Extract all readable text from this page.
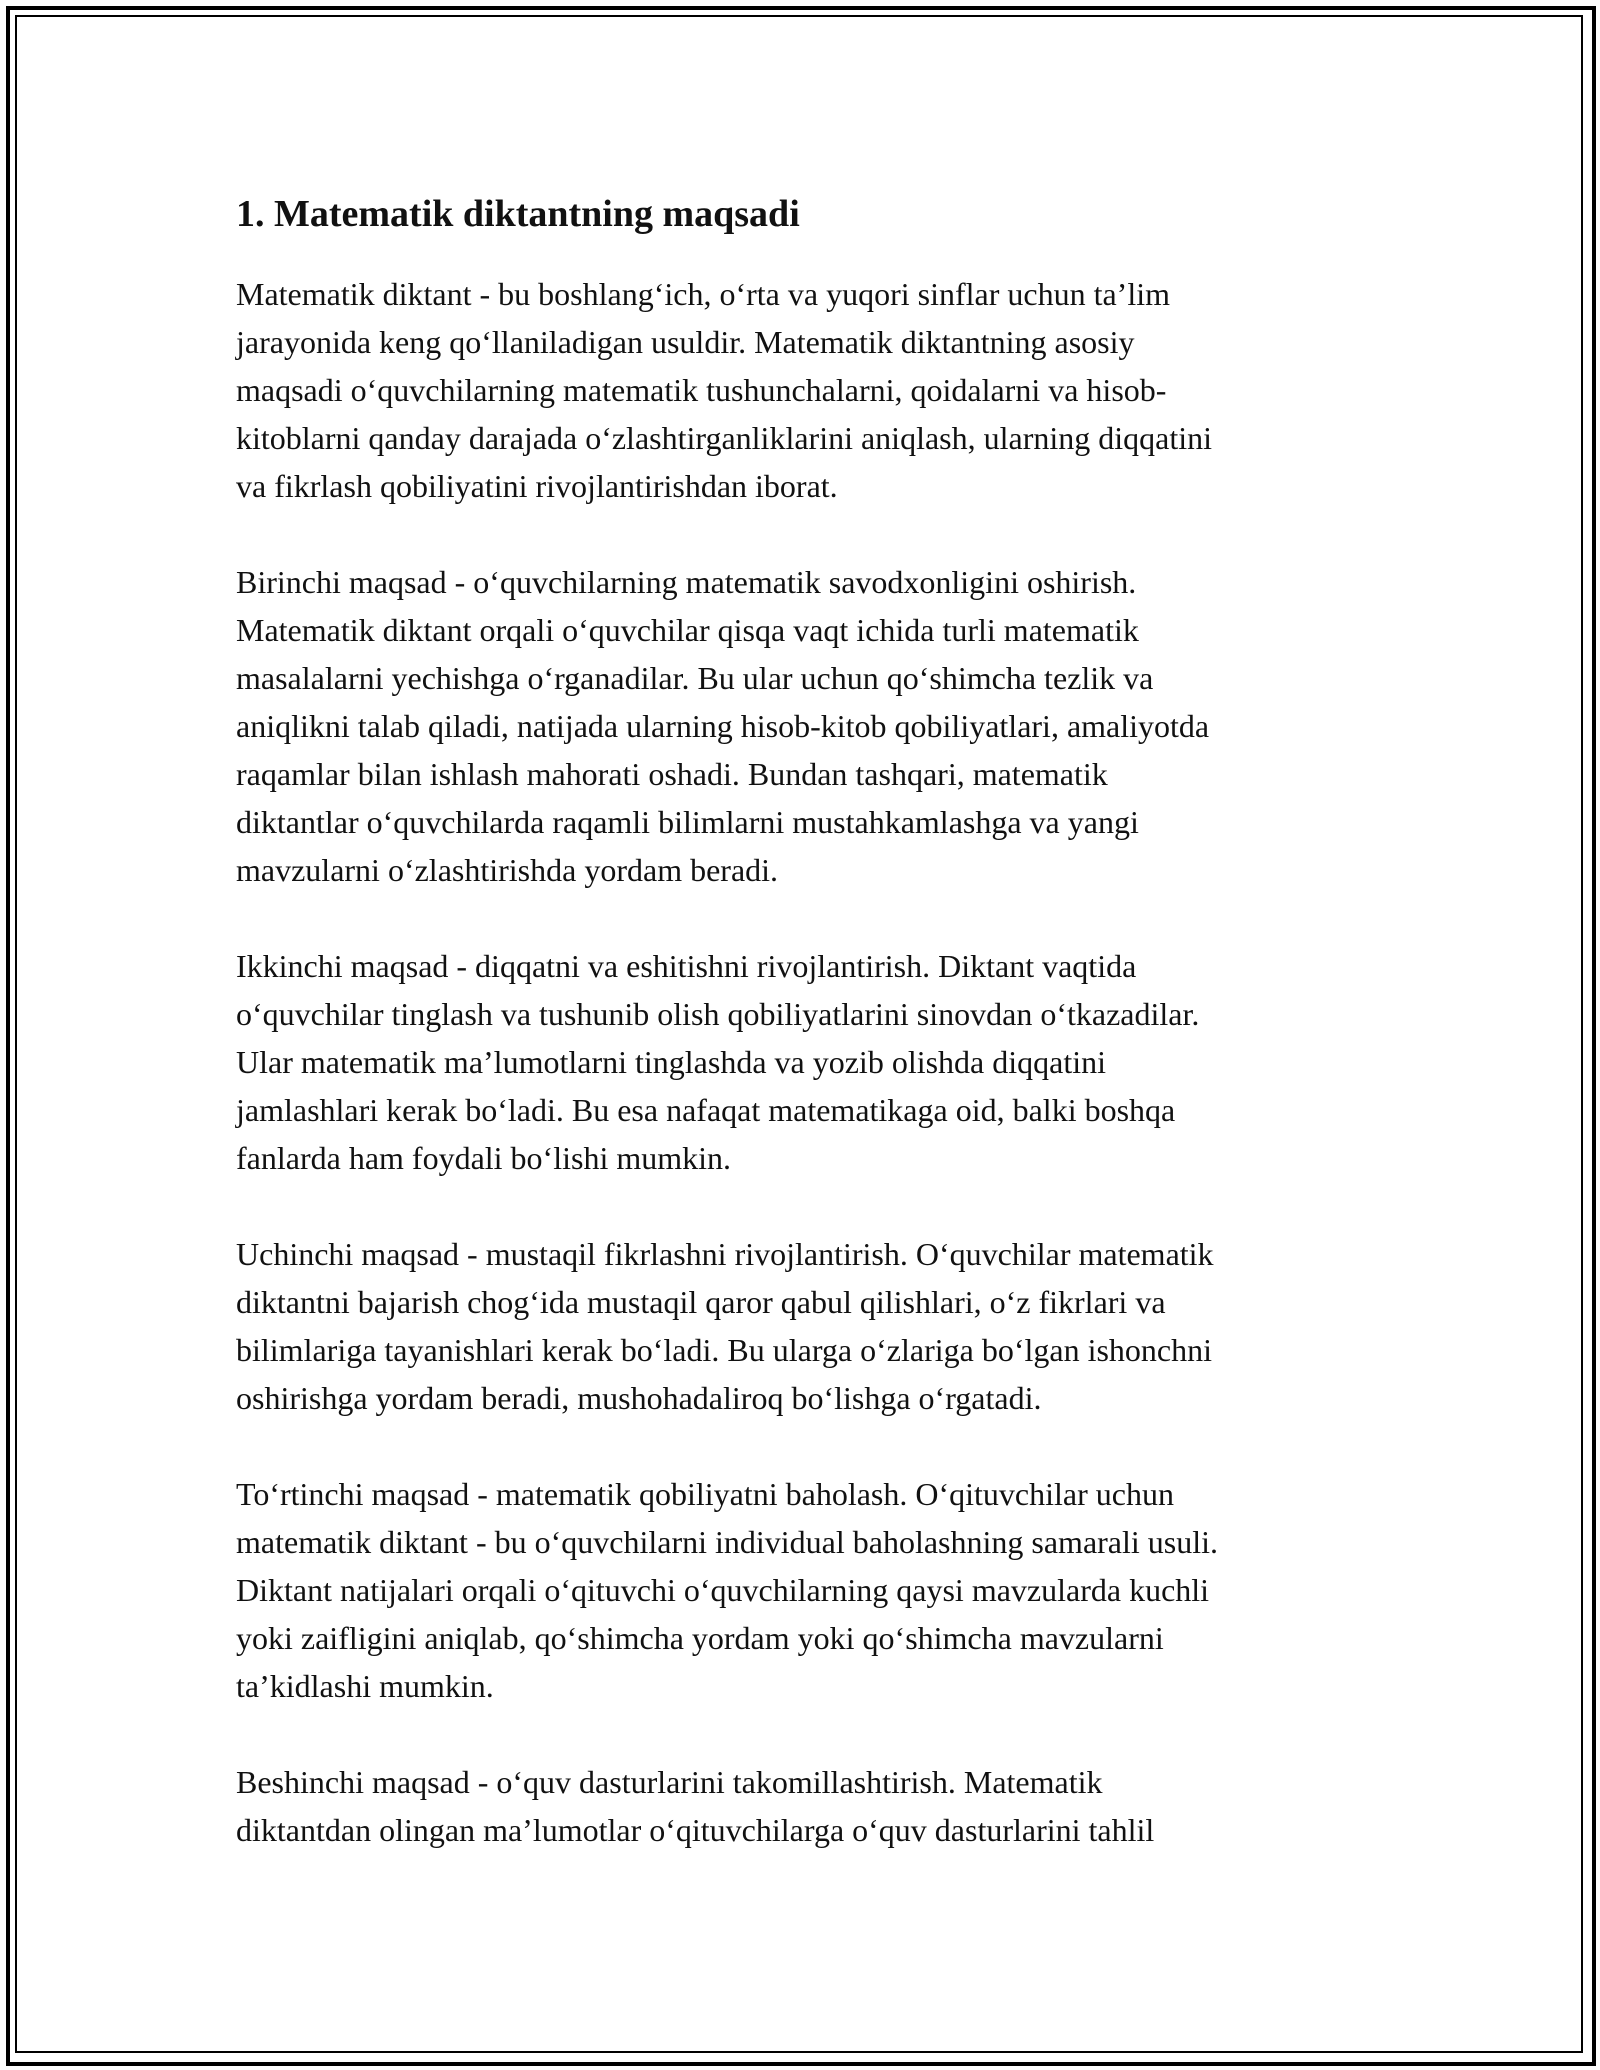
1. Matematik diktantning maqsadi

Matematik diktant - bu boshlang‘ich, o‘rta va yuqori sinflar uchun ta’lim
jarayonida keng qo‘llaniladigan usuldir. Matematik diktantning asosiy
maqsadi o‘quvchilarning matematik tushunchalarni, qoidalarni va hisob-
kitoblarni qanday darajada o‘zlashtirganliklarini aniqlash, ularning diqqatini
va fikrlash qobiliyatini rivojlantirishdan iborat.

Birinchi maqsad - o‘quvchilarning matematik savodxonligini oshirish.
Matematik diktant orqali o‘quvchilar qisqa vaqt ichida turli matematik
masalalarni yechishga o‘rganadilar. Bu ular uchun qo‘shimcha tezlik va
aniqlikni talab qiladi, natijada ularning hisob-kitob qobiliyatlari, amaliyotda
raqamlar bilan ishlash mahorati oshadi. Bundan tashqari, matematik
diktantlar o‘quvchilarda raqamli bilimlarni mustahkamlashga va yangi
mavzularni o‘zlashtirishda yordam beradi.

Ikkinchi maqsad - diqqatni va eshitishni rivojlantirish. Diktant vaqtida
o‘quvchilar tinglash va tushunib olish qobiliyatlarini sinovdan o‘tkazadilar.
Ular matematik ma’lumotlarni tinglashda va yozib olishda diqqatini
jamlashlari kerak bo‘ladi. Bu esa nafaqat matematikaga oid, balki boshqa
fanlarda ham foydali bo‘lishi mumkin.

Uchinchi maqsad - mustaqil fikrlashni rivojlantirish. O‘quvchilar matematik
diktantni bajarish chog‘ida mustaqil qaror qabul qilishlari, o‘z fikrlari va
bilimlariga tayanishlari kerak bo‘ladi. Bu ularga o‘zlariga bo‘lgan ishonchni
oshirishga yordam beradi, mushohadaliroq bo‘lishga o‘rgatadi.

To‘rtinchi maqsad - matematik qobiliyatni baholash. O‘qituvchilar uchun
matematik diktant - bu o‘quvchilarni individual baholashning samarali usuli.
Diktant natijalari orqali o‘qituvchi o‘quvchilarning qaysi mavzularda kuchli
yoki zaifligini aniqlab, qo‘shimcha yordam yoki qo‘shimcha mavzularni
ta’kidlashi mumkin.

Beshinchi maqsad - o‘quv dasturlarini takomillashtirish. Matematik
diktantdan olingan ma’lumotlar o‘qituvchilarga o‘quv dasturlarini tahlil
